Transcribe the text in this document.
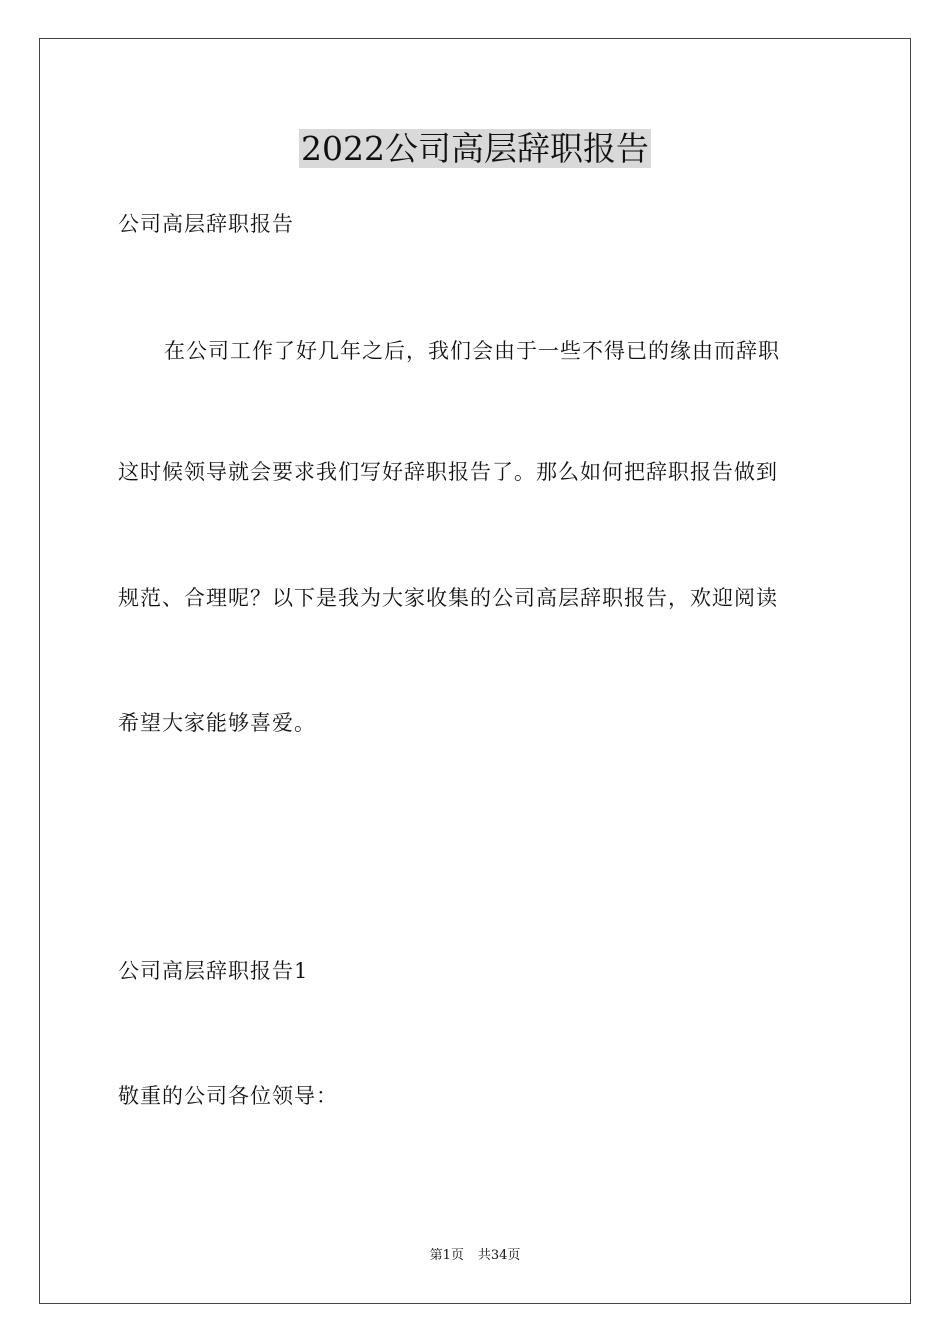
2022公司高层辞职报告
公司高层辞职报告
在公司工作了好几年之后，我们会由于一些不得已的缘由而辞职
这时候领导就会要求我们写好辞职报告了。那么如何把辞职报告做到
规范、合理呢？以下是我为大家收集的公司高层辞职报告，欢迎阅读
希望大家能够喜爱。
公司高层辞职报告1
敬重的公司各位领导：
第1页 共34页
